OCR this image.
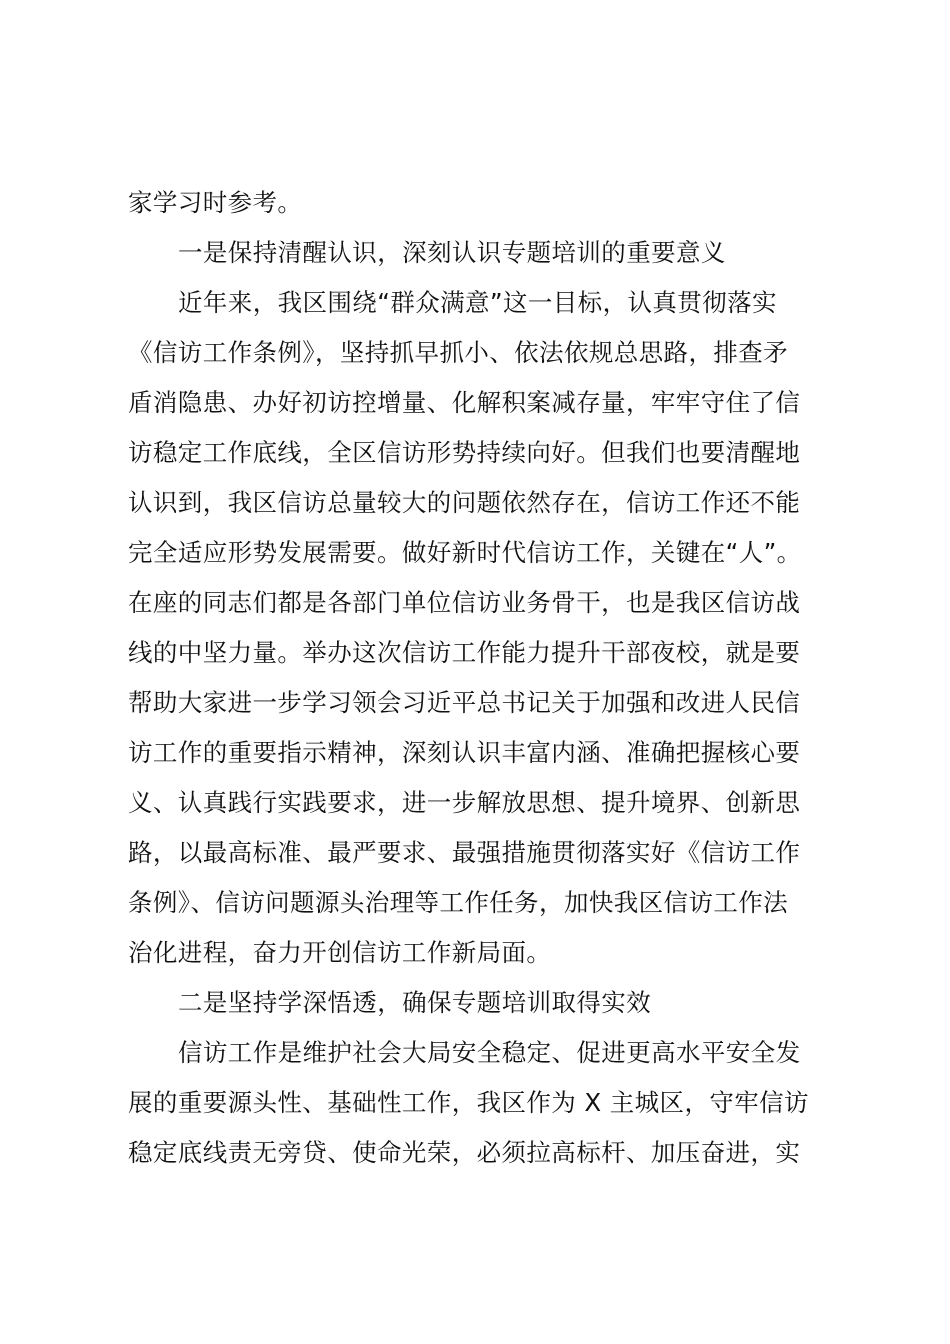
家学习时参考。
一是保持清醒认识，深刻认识专题培训的重要意义
近年来，我区围绕“群众满意”这一目标，认真贯彻落实
《信访工作条例》，坚持抓早抓小、依法依规总思路，排查矛
盾消隐患、办好初访控增量、化解积案减存量，牢牢守住了信
访稳定工作底线，全区信访形势持续向好。但我们也要清醒地
认识到，我区信访总量较大的问题依然存在，信访工作还不能
完全适应形势发展需要。做好新时代信访工作，关键在“人”。
在座的同志们都是各部门单位信访业务骨干，也是我区信访战
线的中坚力量。举办这次信访工作能力提升干部夜校，就是要
帮助大家进一步学习领会习近平总书记关于加强和改进人民信
访工作的重要指示精神，深刻认识丰富内涵、准确把握核心要
义、认真践行实践要求，进一步解放思想、提升境界、创新思
路，以最高标准、最严要求、最强措施贯彻落实好《信访工作
条例》、信访问题源头治理等工作任务，加快我区信访工作法
治化进程，奋力开创信访工作新局面。
二是坚持学深悟透，确保专题培训取得实效
信访工作是维护社会大局安全稳定、促进更高水平安全发
展的重要源头性、基础性工作，我区作为 X 主城区，守牢信访
稳定底线责无旁贷、使命光荣，必须拉高标杆、加压奋进，实
